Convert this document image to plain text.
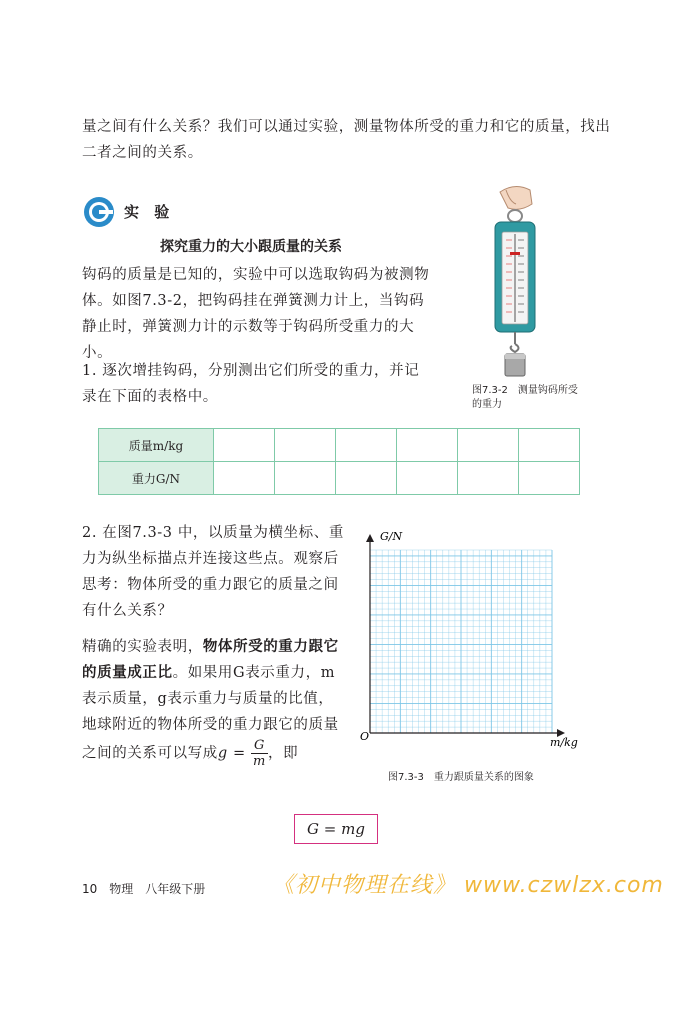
量之间有什么关系？我们可以通过实验，测量物体所受的重力和它的质量，找出二者之间的关系。
实 验
探究重力的大小跟质量的关系
钩码的质量是已知的，实验中可以选取钩码为被测物体。如图7.3-2，把钩码挂在弹簧测力计上，当钩码静止时，弹簧测力计的示数等于钩码所受重力的大小。
1. 逐次增挂钩码，分别测出它们所受的重力，并记录在下面的表格中。	图7.3-2　测量钩码所受的重力
质量m/kg						
重力G/N						
2. 在图7.3-3 中，以质量为横坐标、重力为纵坐标描点并连接这些点。观察后思考：物体所受的重力跟它的质量之间有什么关系？
精确的实验表明，物体所受的重力跟它的质量成正比。如果用G表示重力，m表示质量，g表示重力与质量的比值，地球附近的物体所受的重力跟它的质量之间的关系可以写成$g = \frac{G}{m}$ ，即
G/N
m/kg
O
图7.3-3　重力跟质量关系的图象
G = mg
10　物理　八年级下册	《初中物理在线》 www.czwlzx.com
